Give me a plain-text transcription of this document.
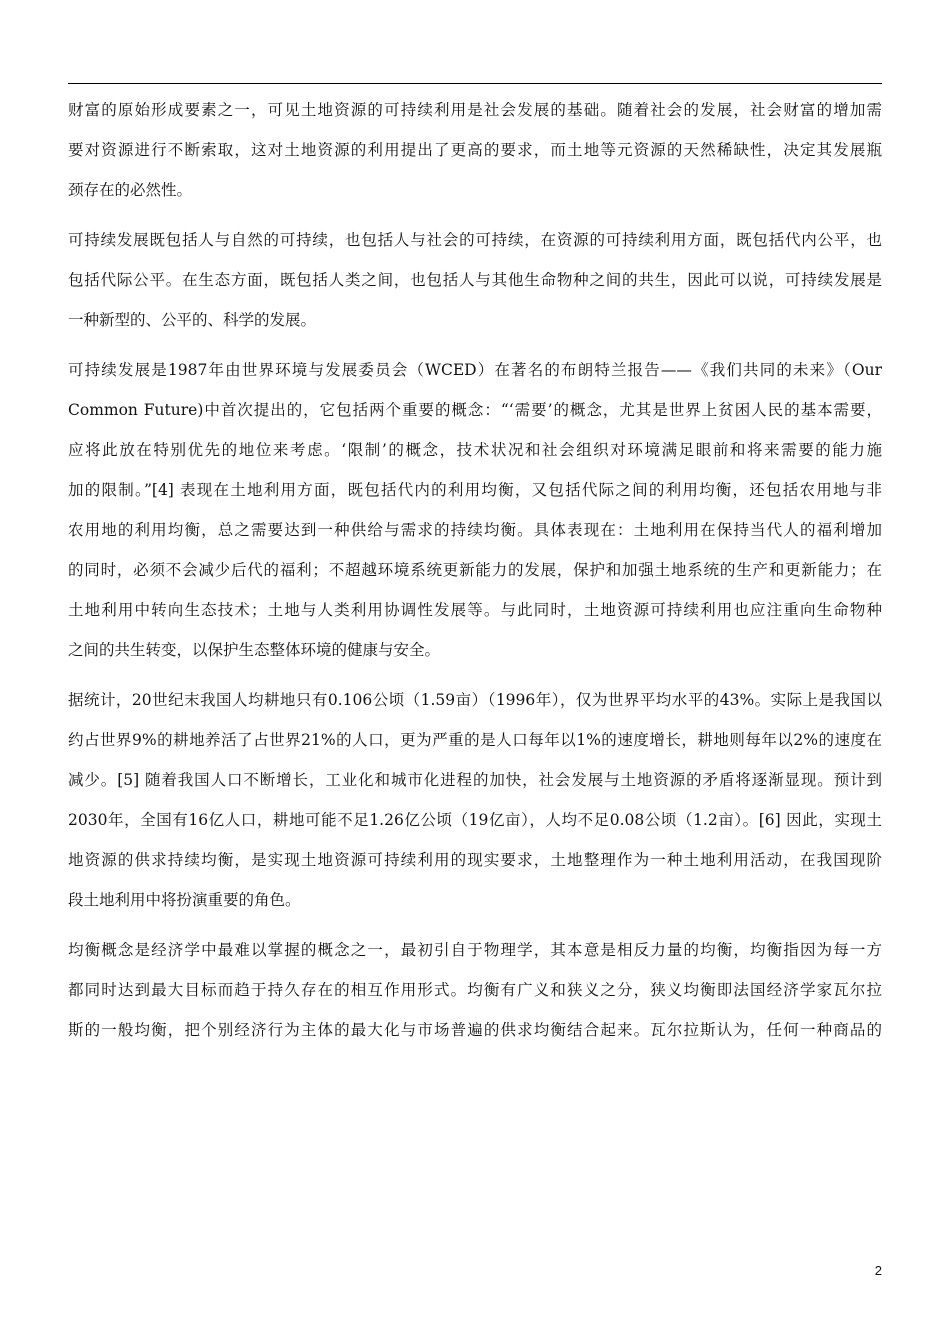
财富的原始形成要素之一，可见土地资源的可持续利用是社会发展的基础。随着社会的发展，社会财富的增加需
要对资源进行不断索取，这对土地资源的利用提出了更高的要求，而土地等元资源的天然稀缺性，决定其发展瓶
颈存在的必然性。
可持续发展既包括人与自然的可持续，也包括人与社会的可持续，在资源的可持续利用方面，既包括代内公平，也
包括代际公平。在生态方面，既包括人类之间，也包括人与其他生命物种之间的共生，因此可以说，可持续发展是
一种新型的、公平的、科学的发展。
可持续发展是1987年由世界环境与发展委员会（WCED）在著名的布朗特兰报告——《我们共同的未来》（Our
Common Future)中首次提出的，它包括两个重要的概念：“‘需要’的概念，尤其是世界上贫困人民的基本需要，
应将此放在特别优先的地位来考虑。‘限制’的概念，技术状况和社会组织对环境满足眼前和将来需要的能力施
加的限制。”[4] 表现在土地利用方面，既包括代内的利用均衡，又包括代际之间的利用均衡，还包括农用地与非
农用地的利用均衡，总之需要达到一种供给与需求的持续均衡。具体表现在：土地利用在保持当代人的福利增加
的同时，必须不会减少后代的福利；不超越环境系统更新能力的发展，保护和加强土地系统的生产和更新能力；在
土地利用中转向生态技术；土地与人类利用协调性发展等。与此同时，土地资源可持续利用也应注重向生命物种
之间的共生转变，以保护生态整体环境的健康与安全。
据统计，20世纪末我国人均耕地只有0.106公顷（1.59亩）（1996年），仅为世界平均水平的43%。实际上是我国以
约占世界9%的耕地养活了占世界21%的人口，更为严重的是人口每年以1%的速度增长，耕地则每年以2%的速度在
减少。[5] 随着我国人口不断增长，工业化和城市化进程的加快，社会发展与土地资源的矛盾将逐渐显现。预计到
2030年，全国有16亿人口，耕地可能不足1.26亿公顷（19亿亩），人均不足0.08公顷（1.2亩）。[6] 因此，实现土
地资源的供求持续均衡，是实现土地资源可持续利用的现实要求，土地整理作为一种土地利用活动，在我国现阶
段土地利用中将扮演重要的角色。
均衡概念是经济学中最难以掌握的概念之一，最初引自于物理学，其本意是相反力量的均衡，均衡指因为每一方
都同时达到最大目标而趋于持久存在的相互作用形式。均衡有广义和狭义之分，狭义均衡即法国经济学家瓦尔拉
斯的一般均衡，把个别经济行为主体的最大化与市场普遍的供求均衡结合起来。瓦尔拉斯认为，任何一种商品的
2
